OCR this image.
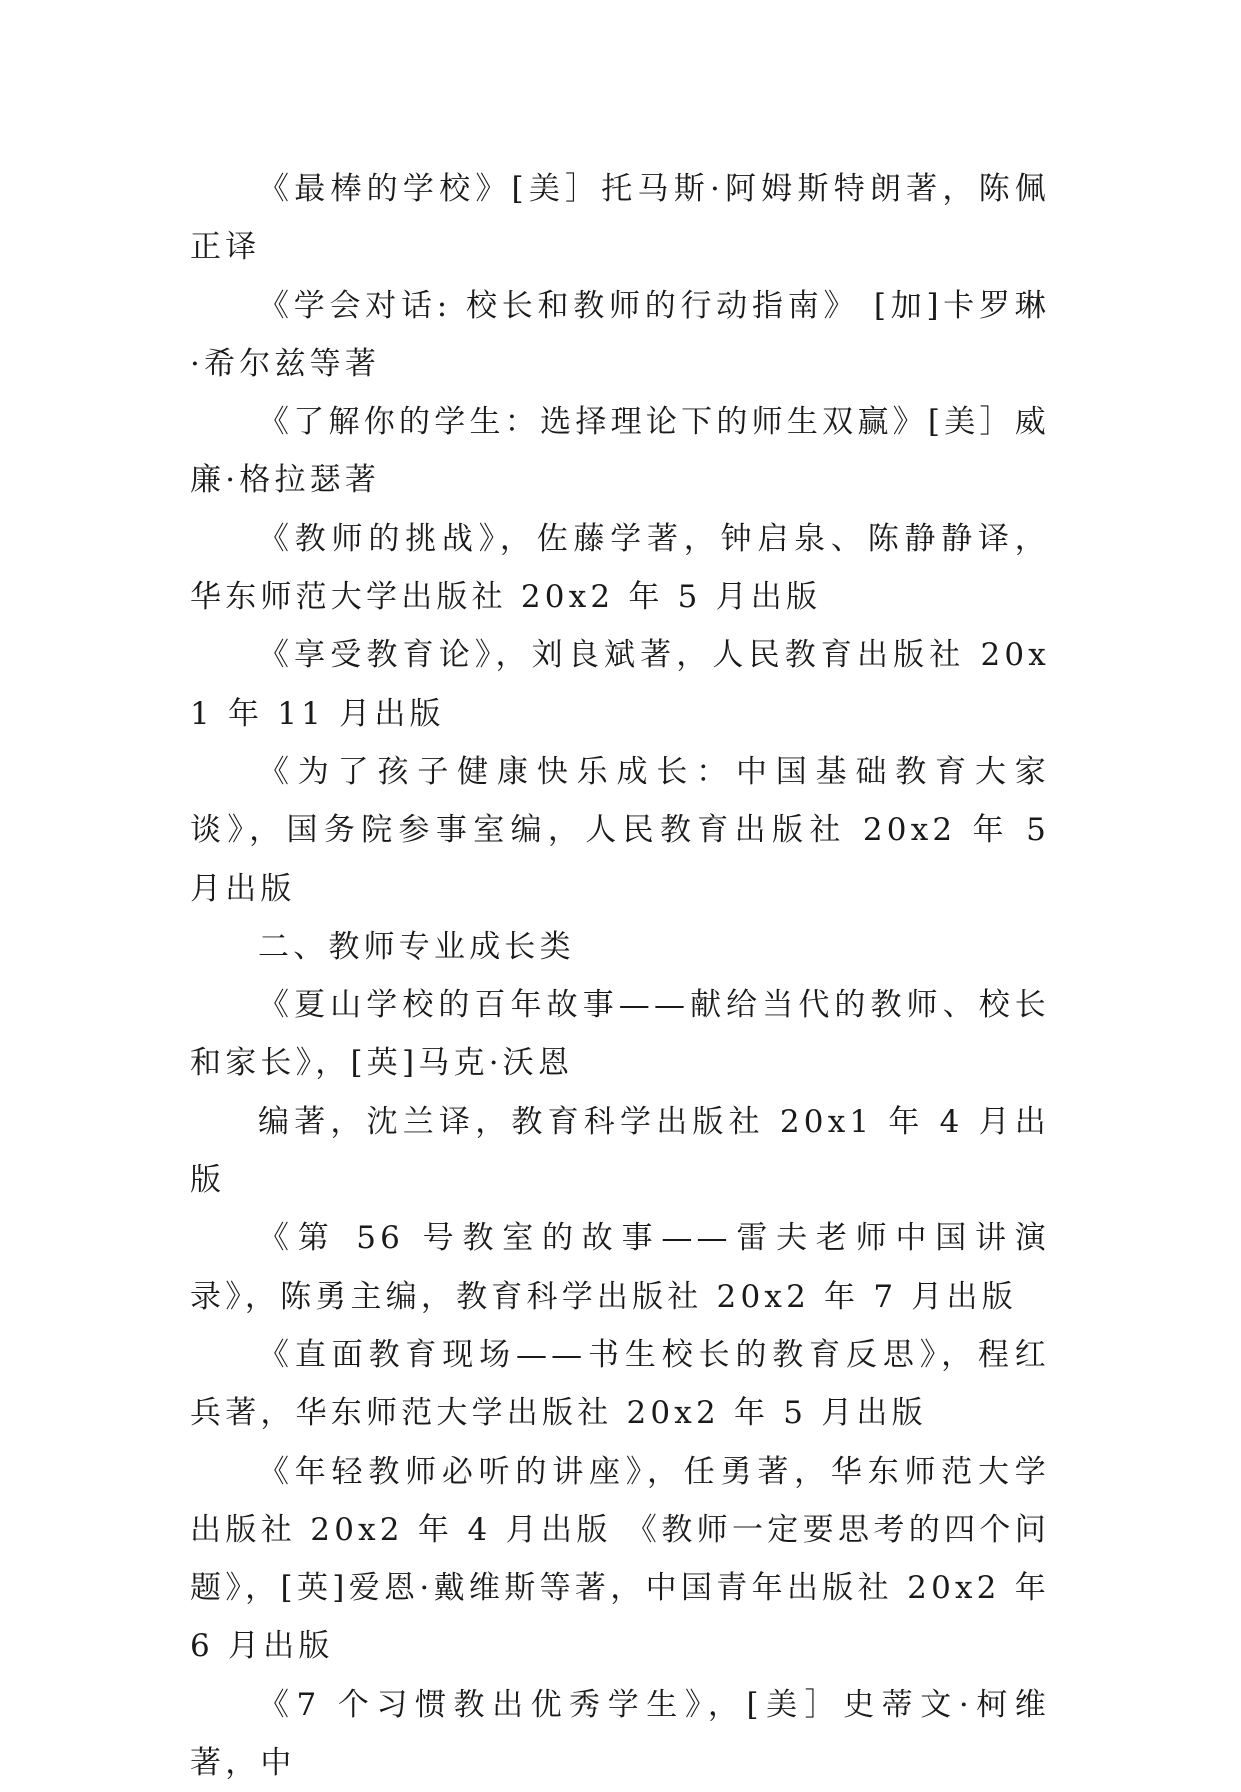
《最棒的学校》[美］托马斯·阿姆斯特朗著，陈佩正译

《学会对话: 校长和教师的行动指南》 [加]卡罗琳·希尔兹等著

《了解你的学生：选择理论下的师生双赢》[美］威廉·格拉瑟著

《教师的挑战》，佐藤学著，钟启泉、陈静静译，华东师范大学出版社 20x2 年 5 月出版

《享受教育论》，刘良斌著，人民教育出版社 20x1 年 11 月出版

《为了孩子健康快乐成长：中国基础教育大家谈》，国务院参事室编，人民教育出版社 20x2 年 5 月出版

二、教师专业成长类

《夏山学校的百年故事——献给当代的教师、校长和家长》，[英]马克·沃恩

编著，沈兰译，教育科学出版社 20x1 年 4 月出版

《第 56 号教室的故事——雷夫老师中国讲演录》，陈勇主编，教育科学出版社 20x2 年 7 月出版

《直面教育现场——书生校长的教育反思》，程红兵著，华东师范大学出版社 20x2 年 5 月出版

《年轻教师必听的讲座》，任勇著，华东师范大学出版社 20x2 年 4 月出版 《教师一定要思考的四个问题》，[英]爱恩·戴维斯等著，中国青年出版社 20x2 年 6 月出版

《7 个习惯教出优秀学生》，[美］史蒂文·柯维著，中
